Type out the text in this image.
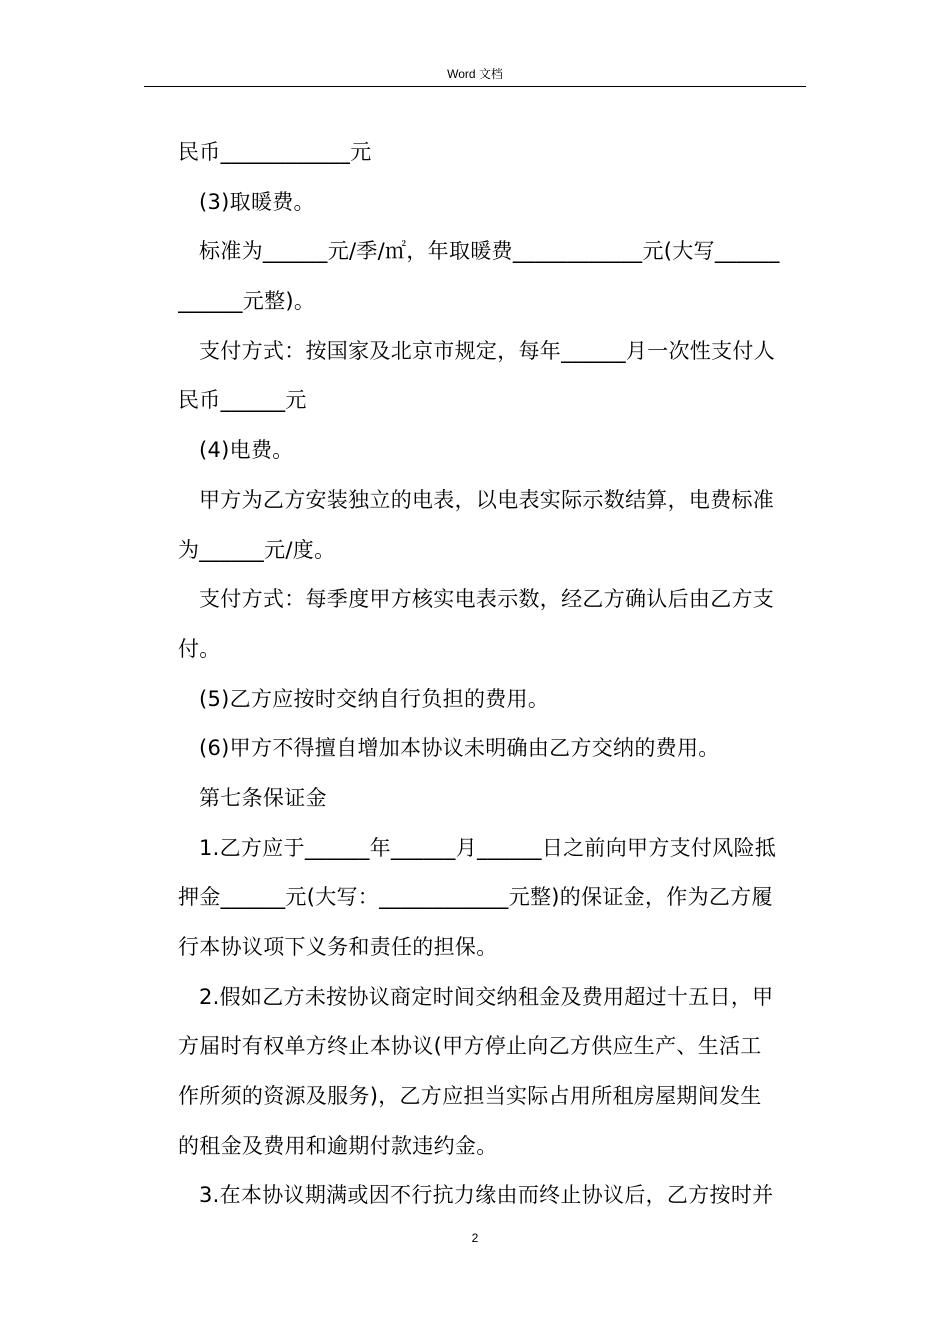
Word 文档
民币____________元
(3)取暖费。
标准为______元/季/㎡，年取暖费____________元(大写______
______元整)。
支付方式：按国家及北京市规定，每年______月一次性支付人
民币______元
(4)电费。
甲方为乙方安装独立的电表，以电表实际示数结算，电费标准
为______元/度。
支付方式：每季度甲方核实电表示数，经乙方确认后由乙方支
付。
(5)乙方应按时交纳自行负担的费用。
(6)甲方不得擅自增加本协议未明确由乙方交纳的费用。
第七条保证金
1.乙方应于______年______月______日之前向甲方支付风险抵
押金______元(大写：____________元整)的保证金，作为乙方履
行本协议项下义务和责任的担保。
2.假如乙方未按协议商定时间交纳租金及费用超过十五日，甲
方届时有权单方终止本协议(甲方停止向乙方供应生产、生活工
作所须的资源及服务)，乙方应担当实际占用所租房屋期间发生
的租金及费用和逾期付款违约金。
3.在本协议期满或因不行抗力缘由而终止协议后，乙方按时并
2
